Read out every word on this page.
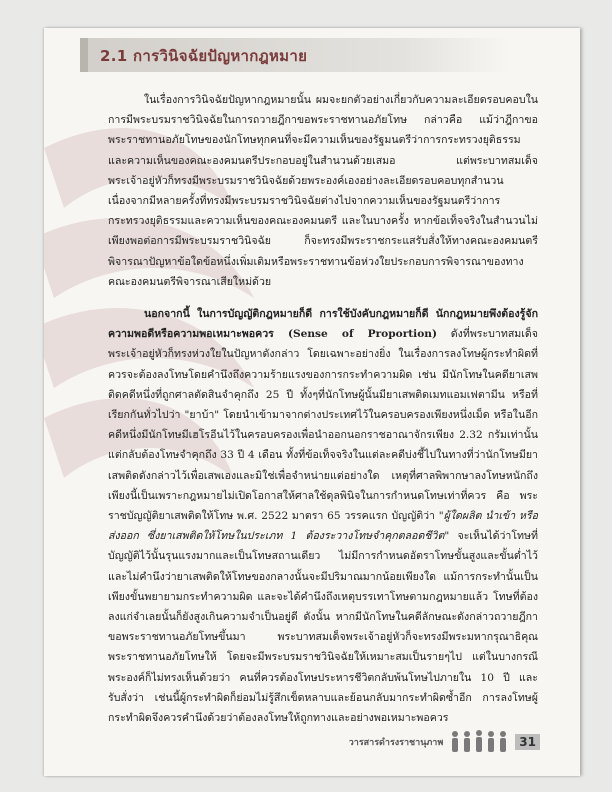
2.1 การวินิจฉัยปัญหากฎหมาย

ในเรื่องการวินิจฉัยปัญหากฎหมายนั้น ผมจะยกตัวอย่างเกี่ยวกับความละเอียดรอบคอบในการมีพระบรมราชวินิจฉัยในการถวายฎีกาขอพระราชทานอภัยโทษ กล่าวคือ แม้ว่าฎีกาขอพระราชทานอภัยโทษของนักโทษทุกคนที่จะมีความเห็นของรัฐมนตรีว่าการกระทรวงยุติธรรมและความเห็นของคณะองคมนตรีประกอบอยู่ในสำนวนด้วยเสมอ แต่พระบาทสมเด็จพระเจ้าอยู่หัวก็ทรงมีพระบรมราชวินิจฉัยด้วยพระองค์เองอย่างละเอียดรอบคอบทุกสำนวน เนื่องจากมีหลายครั้งที่ทรงมีพระบรมราชวินิจฉัยต่างไปจากความเห็นของรัฐมนตรีว่าการกระทรวงยุติธรรมและความเห็นของคณะองคมนตรี และในบางครั้ง หากข้อเท็จจริงในสำนวนไม่เพียงพอต่อการมีพระบรมราชวินิจฉัย ก็จะทรงมีพระราชกระแสรับสั่งให้ทางคณะองคมนตรีพิจารณาปัญหาข้อใดข้อหนึ่งเพิ่มเติมหรือพระราชทานข้อห่วงใยประกอบการพิจารณาของทางคณะองคมนตรีพิจารณาเสียใหม่ด้วย

นอกจากนี้ ในการบัญญัติกฎหมายก็ดี การใช้บังคับกฎหมายก็ดี นักกฎหมายพึงต้องรู้จักความพอดีหรือความพอเหมาะพอควร (Sense of Proportion) ดังที่พระบาทสมเด็จพระเจ้าอยู่หัวก็ทรงห่วงใยในปัญหาดังกล่าว โดยเฉพาะอย่างยิ่ง ในเรื่องการลงโทษผู้กระทำผิดที่ควรจะต้องลงโทษโดยคำนึงถึงความร้ายแรงของการกระทำความผิด เช่น มีนักโทษในคดียาเสพติดคดีหนึ่งที่ถูกศาลตัดสินจำคุกถึง 25 ปี ทั้งๆที่นักโทษผู้นั้นมียาเสพติดเมทแอมเฟตามีน หรือที่เรียกกันทั่วไปว่า "ยาบ้า" โดยนำเข้ามาจากต่างประเทศไว้ในครอบครองเพียงหนึ่งเม็ด หรือในอีกคดีหนึ่งมีนักโทษมีเฮโรอีนไว้ในครอบครองเพื่อนำออกนอกราชอาณาจักรเพียง 2.32 กรัมเท่านั้น แต่กลับต้องโทษจำคุกถึง 33 ปี 4 เดือน ทั้งที่ข้อเท็จจริงในแต่ละคดีบ่งชี้ไปในทางที่ว่านักโทษมียาเสพติดดังกล่าวไว้เพื่อเสพเองและมิใช่เพื่อจำหน่ายแต่อย่างใด เหตุที่ศาลพิพากษาลงโทษหนักถึงเพียงนี้เป็นเพราะกฎหมายไม่เปิดโอกาสให้ศาลใช้ดุลพินิจในการกำหนดโทษเท่าที่ควร คือ พระราชบัญญัติยาเสพติดให้โทษ พ.ศ. 2522 มาตรา 65 วรรคแรก บัญญัติว่า "ผู้ใดผลิต นำเข้า หรือส่งออก ซึ่งยาเสพติดให้โทษในประเภท 1 ต้องระวางโทษจำคุกตลอดชีวิต" จะเห็นได้ว่าโทษที่บัญญัติไว้นั้นรุนแรงมากและเป็นโทษสถานเดียว ไม่มีการกำหนดอัตราโทษขั้นสูงและขั้นต่ำไว้ และไม่คำนึงว่ายาเสพติดให้โทษของกลางนั้นจะมีปริมาณมากน้อยเพียงใด แม้การกระทำนั้นเป็นเพียงขั้นพยายามกระทำความผิด และจะได้คำนึงถึงเหตุบรรเทาโทษตามกฎหมายแล้ว โทษที่ต้องลงแก่จำเลยนั้นก็ยังสูงเกินความจำเป็นอยู่ดี ดังนั้น หากมีนักโทษในคดีลักษณะดังกล่าวถวายฎีกาขอพระราชทานอภัยโทษขึ้นมา พระบาทสมเด็จพระเจ้าอยู่หัวก็จะทรงมีพระมหากรุณาธิคุณพระราชทานอภัยโทษให้ โดยจะมีพระบรมราชวินิจฉัยให้เหมาะสมเป็นรายๆไป แต่ในบางกรณีพระองค์ก็ไม่ทรงเห็นด้วยว่า คนที่ควรต้องโทษประหารชีวิตกลับพ้นโทษไปภายใน 10 ปี และรับสั่งว่า เช่นนี้ผู้กระทำผิดก็ย่อมไม่รู้สึกเข็ดหลาบและย้อนกลับมากระทำผิดซ้ำอีก การลงโทษผู้กระทำผิดจึงควรคำนึงด้วยว่าต้องลงโทษให้ถูกทางและอย่างพอเหมาะพอควร

วารสารดำรงราชานุภาพ	31
